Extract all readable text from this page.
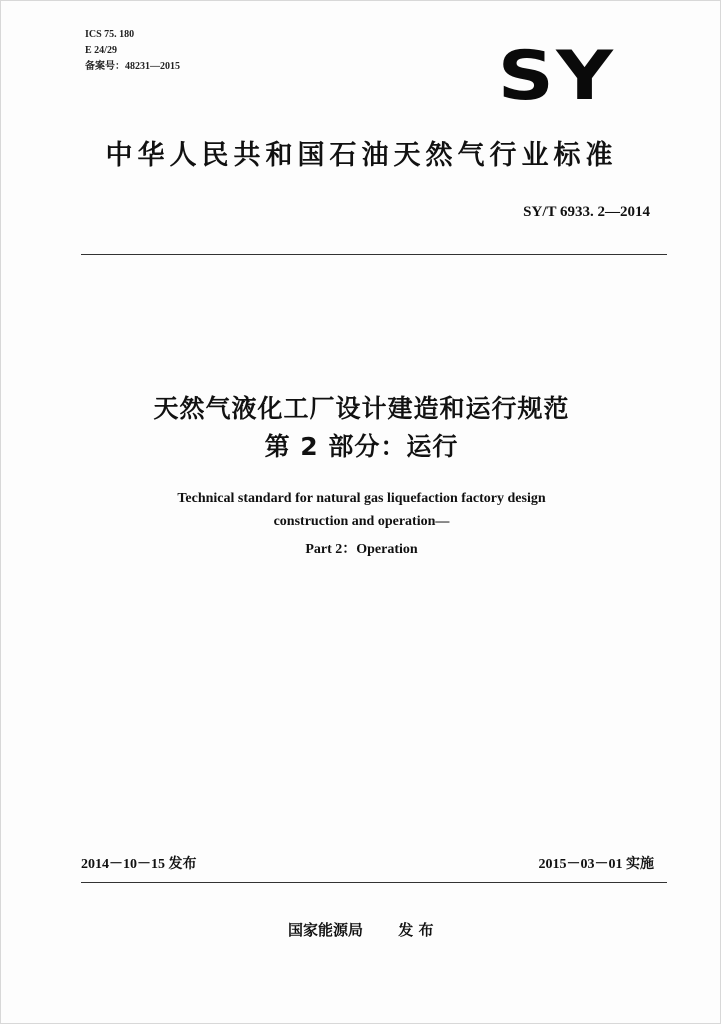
ICS 75. 180
E 24/29
备案号：48231—2015	SY
中华人民共和国石油天然气行业标准
SY/T 6933. 2—2014
天然气液化工厂设计建造和运行规范
第 2 部分：运行
Technical standard for natural gas liquefaction factory design
construction and operation—
Part 2：Operation
2014－10－15 发布	2015－03－01 实施
国家能源局 发 布
